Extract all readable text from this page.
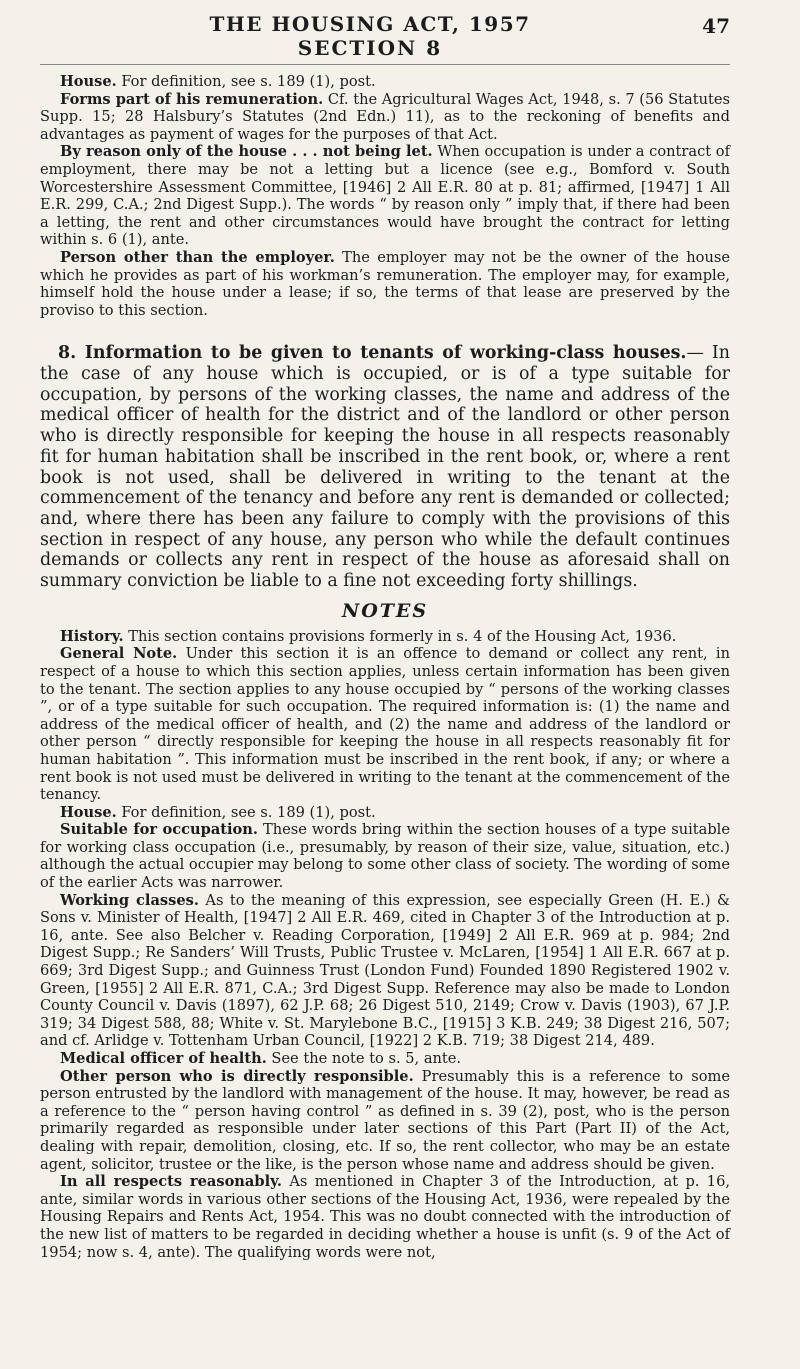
THE HOUSING ACT, 1957
SECTION 8
47

House. For definition, see s. 189 (1), post.

Forms part of his remuneration. Cf. the Agricultural Wages Act, 1948, s. 7 (56 Statutes Supp. 15; 28 Halsbury’s Statutes (2nd Edn.) 11), as to the reckoning of benefits and advantages as payment of wages for the purposes of that Act.

By reason only of the house . . . not being let. When occupation is under a contract of employment, there may be not a letting but a licence (see e.g., Bomford v. South Worcestershire Assessment Committee, [1946] 2 All E.R. 80 at p. 81; affirmed, [1947] 1 All E.R. 299, C.A.; 2nd Digest Supp.). The words “ by reason only ” imply that, if there had been a letting, the rent and other circumstances would have brought the contract for letting within s. 6 (1), ante.

Person other than the employer. The employer may not be the owner of the house which he provides as part of his workman’s remuneration. The employer may, for example, himself hold the house under a lease; if so, the terms of that lease are preserved by the proviso to this section.

8. Information to be given to tenants of working-class houses.— In the case of any house which is occupied, or is of a type suitable for occupation, by persons of the working classes, the name and address of the medical officer of health for the district and of the landlord or other person who is directly responsible for keeping the house in all respects reasonably fit for human habitation shall be inscribed in the rent book, or, where a rent book is not used, shall be delivered in writing to the tenant at the commencement of the tenancy and before any rent is demanded or collected; and, where there has been any failure to comply with the provisions of this section in respect of any house, any person who while the default continues demands or collects any rent in respect of the house as aforesaid shall on summary conviction be liable to a fine not exceeding forty shillings.

NOTES

History. This section contains provisions formerly in s. 4 of the Housing Act, 1936.

General Note. Under this section it is an offence to demand or collect any rent, in respect of a house to which this section applies, unless certain information has been given to the tenant. The section applies to any house occupied by “ persons of the working classes ”, or of a type suitable for such occupation. The required information is: (1) the name and address of the medical officer of health, and (2) the name and address of the landlord or other person “ directly responsible for keeping the house in all respects reasonably fit for human habitation ”. This information must be inscribed in the rent book, if any; or where a rent book is not used must be delivered in writing to the tenant at the commencement of the tenancy.

House. For definition, see s. 189 (1), post.

Suitable for occupation. These words bring within the section houses of a type suitable for working class occupation (i.e., presumably, by reason of their size, value, situation, etc.) although the actual occupier may belong to some other class of society. The wording of some of the earlier Acts was narrower.

Working classes. As to the meaning of this expression, see especially Green (H. E.) & Sons v. Minister of Health, [1947] 2 All E.R. 469, cited in Chapter 3 of the Introduction at p. 16, ante. See also Belcher v. Reading Corporation, [1949] 2 All E.R. 969 at p. 984; 2nd Digest Supp.; Re Sanders’ Will Trusts, Public Trustee v. McLaren, [1954] 1 All E.R. 667 at p. 669; 3rd Digest Supp.; and Guinness Trust (London Fund) Founded 1890 Registered 1902 v. Green, [1955] 2 All E.R. 871, C.A.; 3rd Digest Supp. Reference may also be made to London County Council v. Davis (1897), 62 J.P. 68; 26 Digest 510, 2149; Crow v. Davis (1903), 67 J.P. 319; 34 Digest 588, 88; White v. St. Marylebone B.C., [1915] 3 K.B. 249; 38 Digest 216, 507; and cf. Arlidge v. Tottenham Urban Council, [1922] 2 K.B. 719; 38 Digest 214, 489.

Medical officer of health. See the note to s. 5, ante.

Other person who is directly responsible. Presumably this is a reference to some person entrusted by the landlord with management of the house. It may, however, be read as a reference to the “ person having control ” as defined in s. 39 (2), post, who is the person primarily regarded as responsible under later sections of this Part (Part II) of the Act, dealing with repair, demolition, closing, etc. If so, the rent collector, who may be an estate agent, solicitor, trustee or the like, is the person whose name and address should be given.

In all respects reasonably. As mentioned in Chapter 3 of the Introduction, at p. 16, ante, similar words in various other sections of the Housing Act, 1936, were repealed by the Housing Repairs and Rents Act, 1954. This was no doubt connected with the introduction of the new list of matters to be regarded in deciding whether a house is unfit (s. 9 of the Act of 1954; now s. 4, ante). The qualifying words were not,
